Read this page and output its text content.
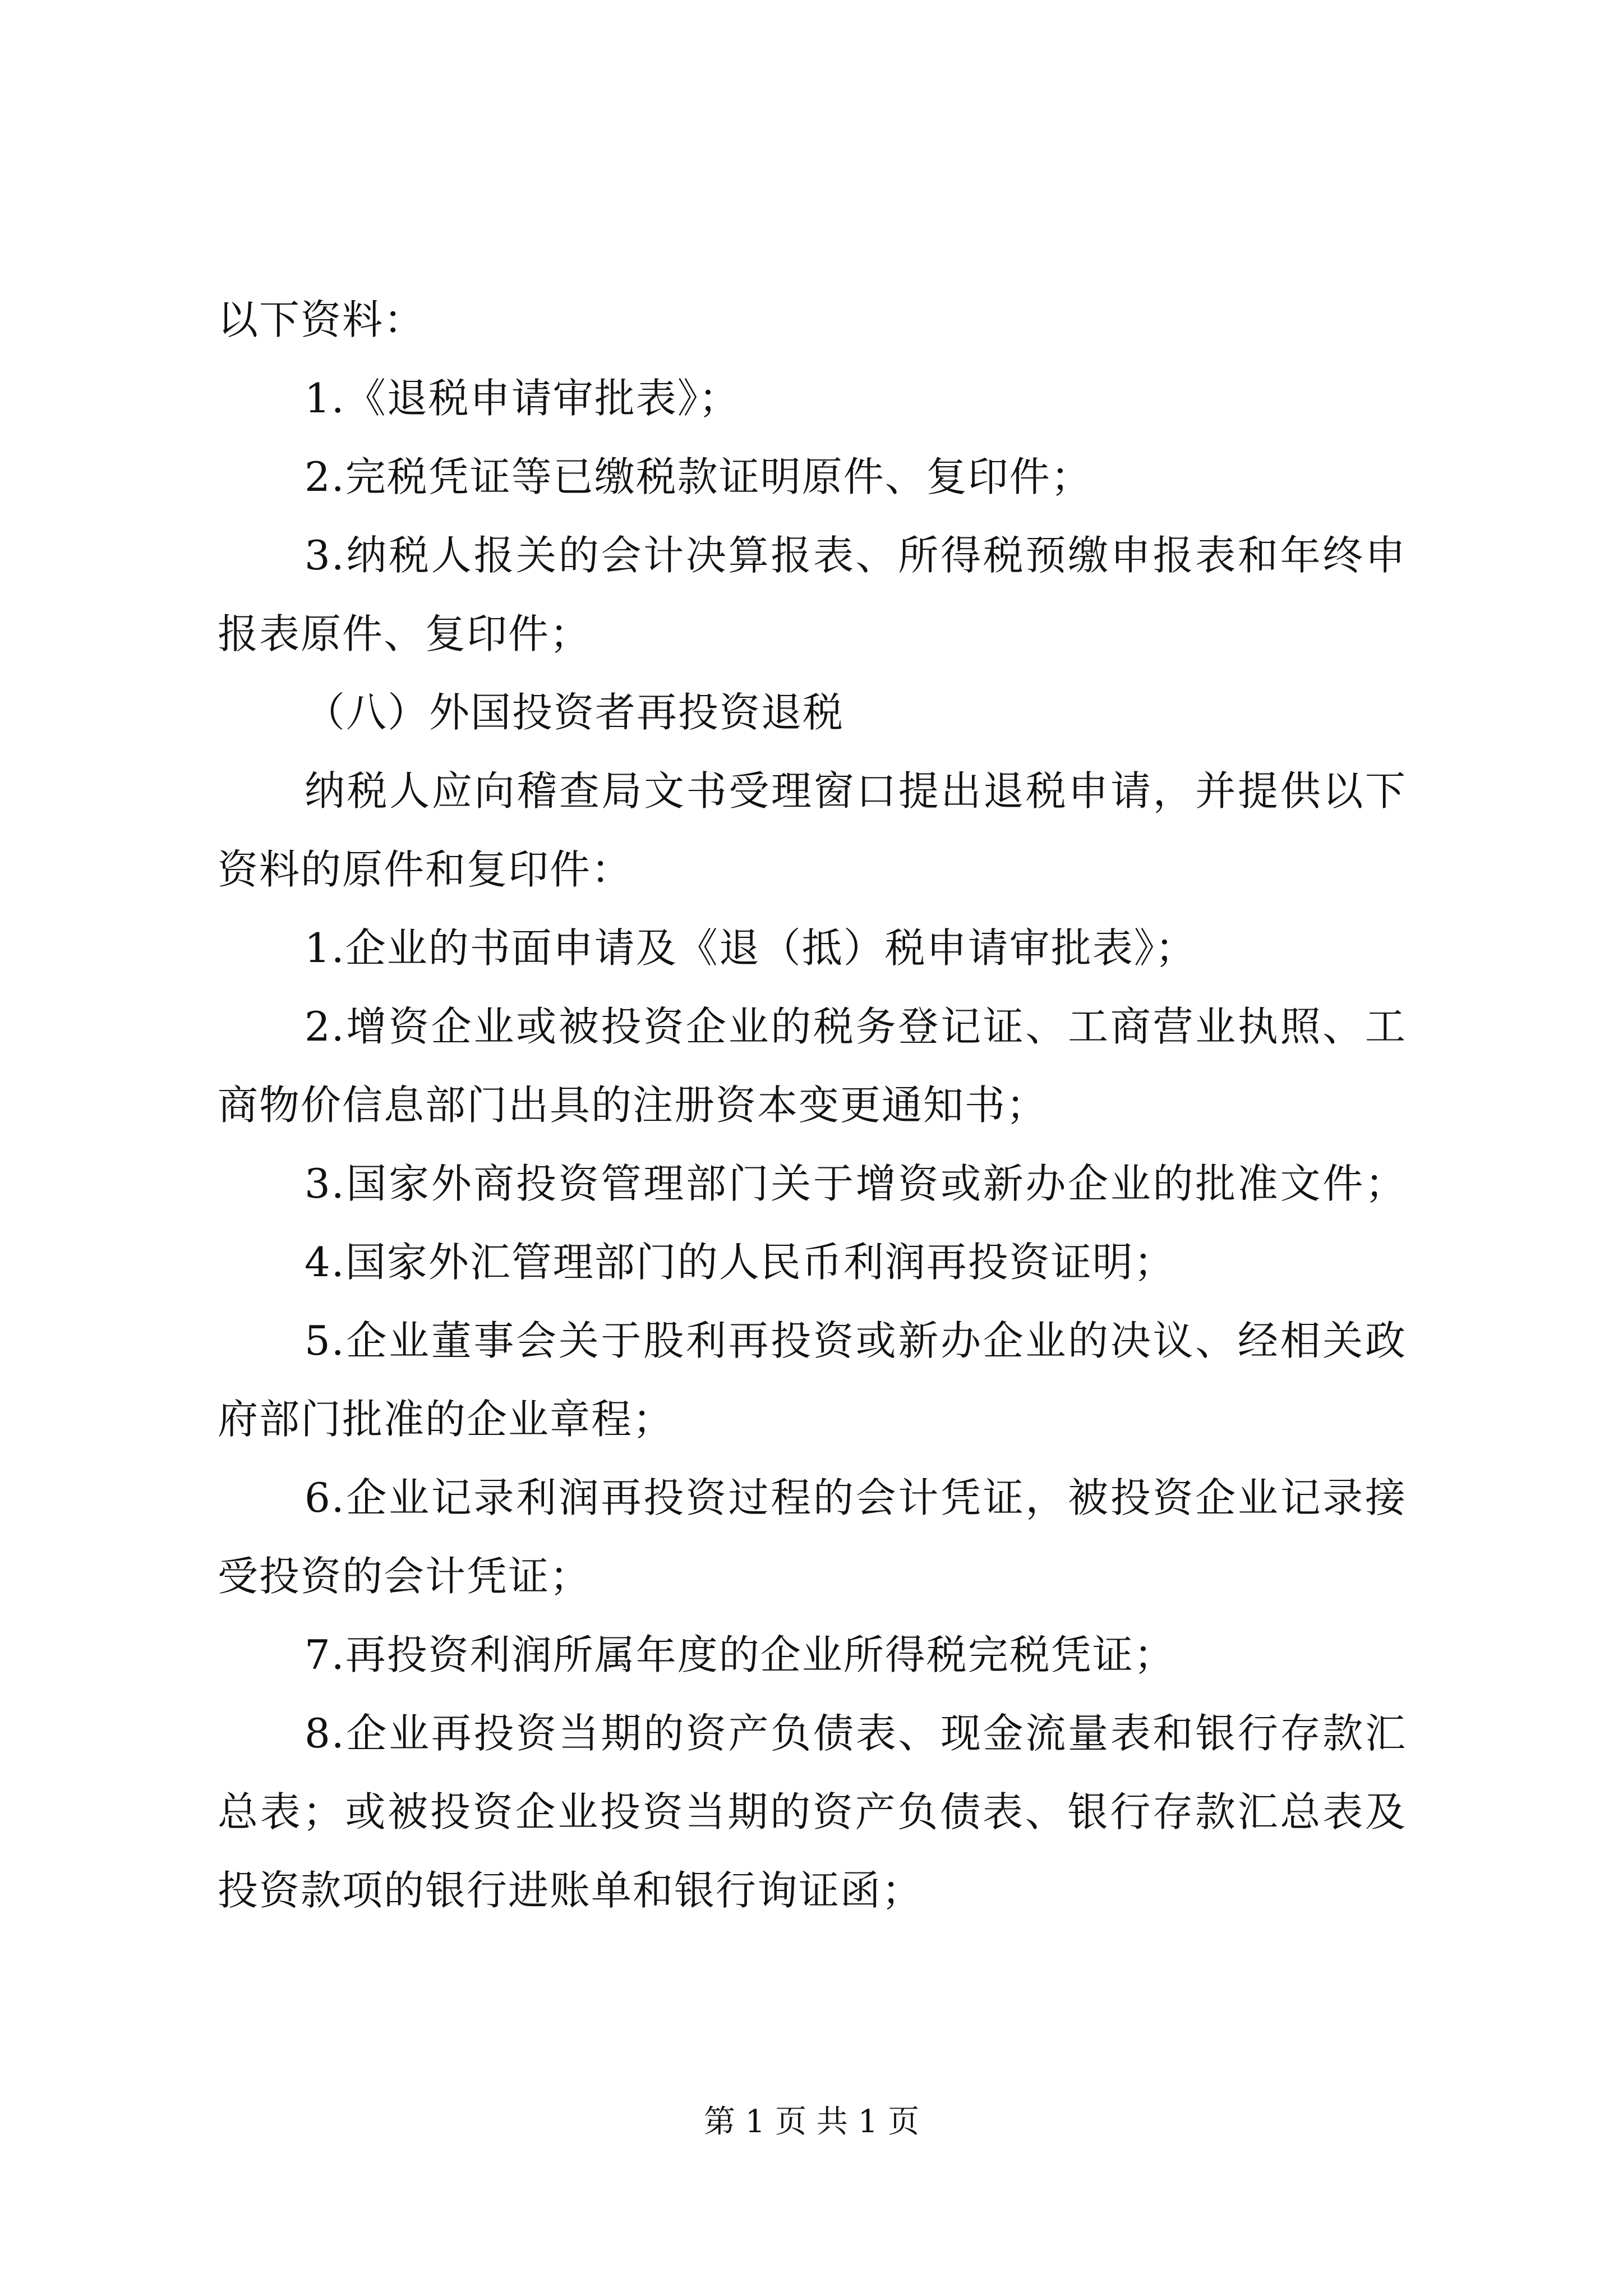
以下资料：
1.《退税申请审批表》；
2.完税凭证等已缴税款证明原件、复印件；
3.纳税人报关的会计决算报表、所得税预缴申报表和年终申
报表原件、复印件；
（八）外国投资者再投资退税
纳税人应向稽查局文书受理窗口提出退税申请，并提供以下
资料的原件和复印件：
1.企业的书面申请及《退（抵）税申请审批表》；
2.增资企业或被投资企业的税务登记证、工商营业执照、工
商物价信息部门出具的注册资本变更通知书；
3.国家外商投资管理部门关于增资或新办企业的批准文件；
4.国家外汇管理部门的人民币利润再投资证明；
5.企业董事会关于股利再投资或新办企业的决议、经相关政
府部门批准的企业章程；
6.企业记录利润再投资过程的会计凭证，被投资企业记录接
受投资的会计凭证；
7.再投资利润所属年度的企业所得税完税凭证；
8.企业再投资当期的资产负债表、现金流量表和银行存款汇
总表；或被投资企业投资当期的资产负债表、银行存款汇总表及
投资款项的银行进账单和银行询证函；
第 1 页 共 1 页
